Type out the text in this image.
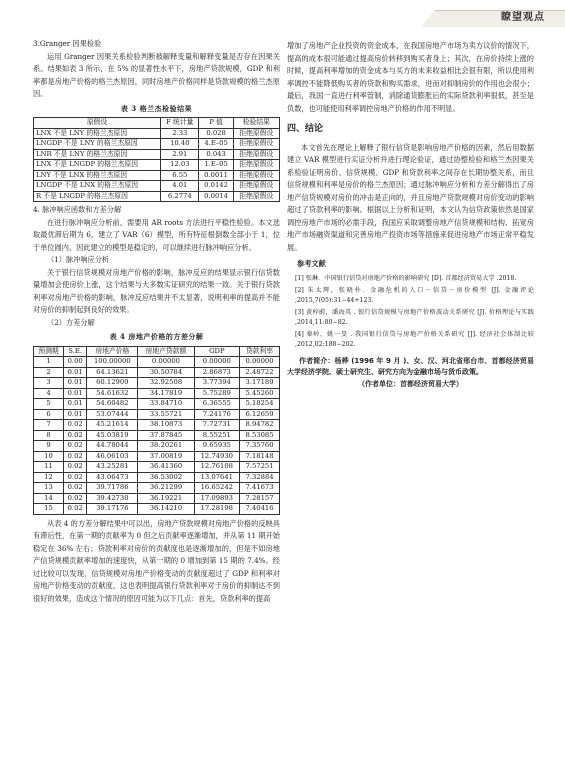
瞭望观点

3.Granger 因果检验

运用 Granger 因果关系检验判断被解释变量和解释变量是否存在因果关系。结果如表 3 所示，在 5% 的显著性水平下，房地产贷款规模，GDP 和利率都是房地产价格的格兰杰原因，同时房地产价格同样是贷款规模的格兰杰原因。

表 3 格兰杰检验结果
原假设	F 统计量	P 值	检验结果
LNX 不是 LNY 的格兰杰原因	2.33	0.028	拒绝原假设
LNGDP 不是 LNY 的格兰杰原因	10.40	4.E–05	拒绝原假设
LNR 不是 LNY 的格兰杰原因	2.91	0.043	拒绝原假设
LNX 不是 LNGDP 的格兰杰原因	12.03	1.E–05	拒绝原假设
LNY 不是 LNX 的格兰杰原因	6.55	0.0011	拒绝原假设
LNGDP 不是 LNX 的格兰杰原因	4.01	0.0142	拒绝原假设
R 不是 LNGDP 的格兰杰原因	6.2774	0.0014	拒绝原假设

4. 脉冲响应函数和方差分解

在进行脉冲响应分析前，需要用 AR roots 方法进行平稳性检验。本文选取最优滞后期为 6，建立了 VAR（6）模型，所有特征根倒数全部小于 1，位于单位圆内，因此建立的模型是稳定的，可以继续进行脉冲响应分析。

（1）脉冲响应分析

关于银行信贷规模对房地产价格的影响，脉冲反应的结果显示银行信贷数量增加会使房价上涨，这个结果与大多数实证研究的结果一致。关于银行贷款利率对房地产价格的影响，脉冲反应结果并不太显著，说明利率的提高并不能对房价的抑制起到良好的效果。

（2）方差分解

表 4 房地产价格的方差分解
预测期	S.E.	房地产价格	房地产贷款额	GDP	贷款利率
1	0.00	100.00000	0.00000	0.00000	0.00000
2	0.01	64.13621	30.50784	2.86873	2.48722
3	0.01	60.12909	32.92508	3.77394	3.17189
4	0.01	54.61632	34.17819	5.75289	5.45260
5	0.01	54.60482	33.84710	6.36555	5.18254
6	0.01	53.07444	33.55721	7.24176	6.12659
7	0.02	45.21614	38.10873	7.72731	8.94782
8	0.02	45.03819	37.87845	8.55251	8.53085
9	0.02	44.78044	38.20261	9.65935	7.35760
10	0.02	46.06103	37.00819	12.74930	7.18148
11	0.02	43.25281	36.41360	12.76108	7.57251
12	0.02	43.06473	36.53002	13.07641	7.32884
13	0.02	39.71786	36.21299	16.65242	7.41673
14	0.02	39.42730	36.19221	17.09893	7.28157
15	0.02	39.17176	36.14210	17.28198	7.40416

从表 4 的方差分解结果中可以出，房地产贷款规模对房地产价格的反映具有滞后性，在第一期的贡献率为 0 但之后贡献率逐渐增加，并从第 11 期开始稳定在 36% 左右；贷款利率对房价的贡献度也是逐渐增加的，但是不如房地产信贷规模贡献率增加的速度快，从第一期的 0 增加到第 15 期的 7.4%。经过比较可以发现，信贷规模对房地产价格变动的贡献度超过了 GDP 和利率对房地产价格变动的贡献度，这也表明提高银行贷款利率对于房价的抑制达不到很好的效果，造成这个情况的原因可能为以下几点：首先，贷款利率的提高

增加了房地产企业投资的资金成本，在我国房地产市场为卖方议价的情况下，提高的成本很可能通过提高房价转移到购买者身上；其次，在房价持续上涨的时候，提高利率增加的资金成本与买方的未来收益相比会很有限，所以使用利率调控不能降低购买者的贷款和购买需求，进而对抑制房价的作用也会很小；最后，我国一直进行利率管制，消除通货膨胀后的实际贷款利率很低，甚至是负数，也可能使用利率调控房地产价格的作用不明显。

四、结论

本文首先在理论上解释了银行信贷是影响房地产价格的因素，然后用数据建立 VAR 模型进行实证分析并进行理论验证，通过协整检验和格兰杰因果关系检验证明房价、信贷规模、GDP 和贷款利率之间存在长期协整关系，而且信贷规模和利率是房价的格兰杰原因；通过脉冲响应分析和方差分解得出了房地产信贷规模对房价的冲击是正向的，并且房地产贷款规模对房价变动的影响超过了贷款利率的影响。根据以上分析和证明，本文认为信贷政策依然是国家调控房地产市场的必需手段，我国应采取调整房地产信贷规模和结构、拓宽房地产市场融资渠道和完善房地产投资市场等措施来促进房地产市场正常平稳发展。

参考文献

[1] 张琳．中国银行信贷对房地产价格的影响研究 [D]. 首都经济贸易大学 .2018.

[2] 朱太辉，张晓朴．金融危机的人口－信贷－房价模型 [J]. 金融评论 ,2015,7(05):31−44+123.

[3] 黄梓蔚，潘海英 . 银行信贷规模与房地产价格波动关系研究 [J]. 价格理论与实践 ,2014,11:80−82.

[4] 秦岭，姚一旻 . 我国银行信贷与房地产价格关系研究 [J]. 经济社会体制比较 ,2012,02:188−202.

作者简介：杨桦 (1996 年 9 月 )、女、汉、河北省邢台市、首都经济贸易大学经济学院、硕士研究生、研究方向为金融市场与货币政策。
（作者单位：首都经济贸易大学）
